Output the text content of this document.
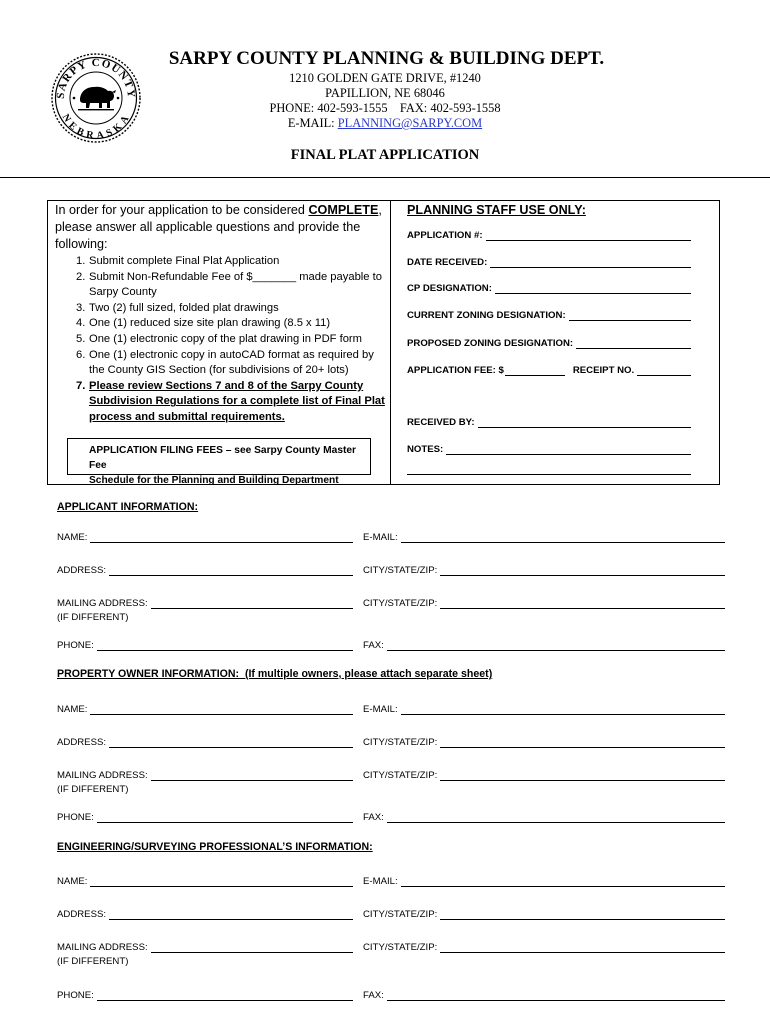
SARPY COUNTY
NEBRASKA
SARPY COUNTY PLANNING & BUILDING DEPT.
1210 GOLDEN GATE DRIVE, #1240
PAPILLION, NE 68046
PHONE: 402-593-1555    FAX: 402-593-1558
E-MAIL: PLANNING@SARPY.COM
FINAL PLAT APPLICATION
In order for your application to be considered COMPLETE, please answer all applicable questions and provide the following:
1. Submit complete Final Plat Application
2. Submit Non-Refundable Fee of $_______ made payable to Sarpy County
3. Two (2) full sized, folded plat drawings
4. One (1) reduced size site plan drawing (8.5 x 11)
5. One (1) electronic copy of the plat drawing in PDF form
6. One (1) electronic copy in autoCAD format as required by the County GIS Section (for subdivisions of 20+ lots)
7. Please review Sections 7 and 8 of the Sarpy County Subdivision Regulations for a complete list of Final Plat process and submittal requirements.
APPLICATION FILING FEES – see Sarpy County Master Fee
Schedule for the Planning and Building Department
PLANNING STAFF USE ONLY:
APPLICATION #:
DATE RECEIVED:
CP DESIGNATION:
CURRENT ZONING DESIGNATION:
PROPOSED ZONING DESIGNATION:
APPLICATION FEE: $	RECEIPT NO.
RECEIVED BY:
NOTES:
APPLICANT INFORMATION:
NAME:	E-MAIL:
ADDRESS:	CITY/STATE/ZIP:
MAILING ADDRESS:	CITY/STATE/ZIP:
(IF DIFFERENT)
PHONE:	FAX:
PROPERTY OWNER INFORMATION:  (If multiple owners, please attach separate sheet)
NAME:	E-MAIL:
ADDRESS:	CITY/STATE/ZIP:
MAILING ADDRESS:	CITY/STATE/ZIP:
(IF DIFFERENT)
PHONE:	FAX:
ENGINEERING/SURVEYING PROFESSIONAL’S INFORMATION:
NAME:	E-MAIL:
ADDRESS:	CITY/STATE/ZIP:
MAILING ADDRESS:	CITY/STATE/ZIP:
(IF DIFFERENT)
PHONE:	FAX:
